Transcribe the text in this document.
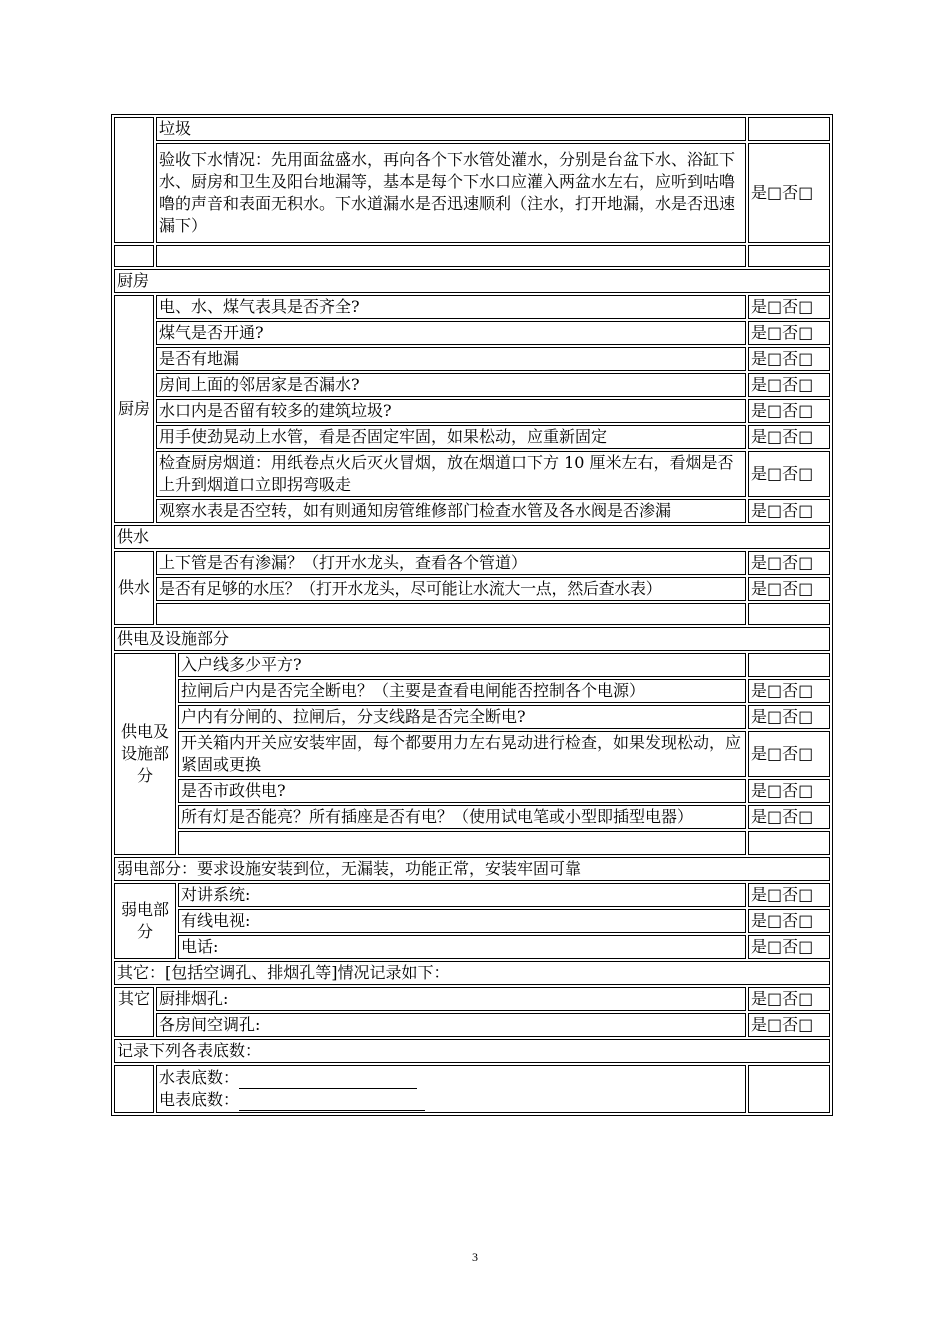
	垃圾		
	验收下水情况：先用面盆盛水，再向各个下水管处灌水，分别是台盆下水、浴缸下水、厨房和卫生及阳台地漏等，基本是每个下水口应灌入两盆水左右，应听到咕噜噜的声音和表面无积水。下水道漏水是否迅速顺利（注水，打开地漏，水是否迅速漏下）		是□否□

厨房			
厨房	电、水、煤气表具是否齐全?		是□否□
	煤气是否开通?		是□否□
	是否有地漏		是□否□
	房间上面的邻居家是否漏水?		是□否□
	水口内是否留有较多的建筑垃圾?		是□否□
	用手使劲晃动上水管，看是否固定牢固，如果松动，应重新固定		是□否□
	检查厨房烟道：用纸卷点火后灭火冒烟，放在烟道口下方 10 厘米左右，看烟是否上升到烟道口立即拐弯吸走		是□否□
	观察水表是否空转，如有则通知房管维修部门检查水管及各水阀是否渗漏		是□否□
供水			
供水	上下管是否有渗漏？（打开水龙头，查看各个管道）		是□否□
	是否有足够的水压？（打开水龙头，尽可能让水流大一点，然后查水表）		是□否□

供电及设施部分			
供电及设施部分		入户线多少平方?	
		拉闸后户内是否完全断电？（主要是查看电闸能否控制各个电源）	是□否□
		户内有分闸的、拉闸后，分支线路是否完全断电?	是□否□
		开关箱内开关应安装牢固，每个都要用力左右晃动进行检查，如果发现松动，应紧固或更换	是□否□
		是否市政供电?	是□否□
		所有灯是否能亮？所有插座是否有电？（使用试电笔或小型即插型电器）	是□否□

弱电部分：要求设施安装到位，无漏装，功能正常，安装牢固可靠			
弱电部分		对讲系统:	是□否□
		有线电视:	是□否□
		电话:	是□否□
其它：[包括空调孔、排烟孔等]情况记录如下：			
其它	厨排烟孔:		是□否□
	各房间空调孔:		是□否□
记录下列各表底数：			

	水表底数：
电表底数：		

3
